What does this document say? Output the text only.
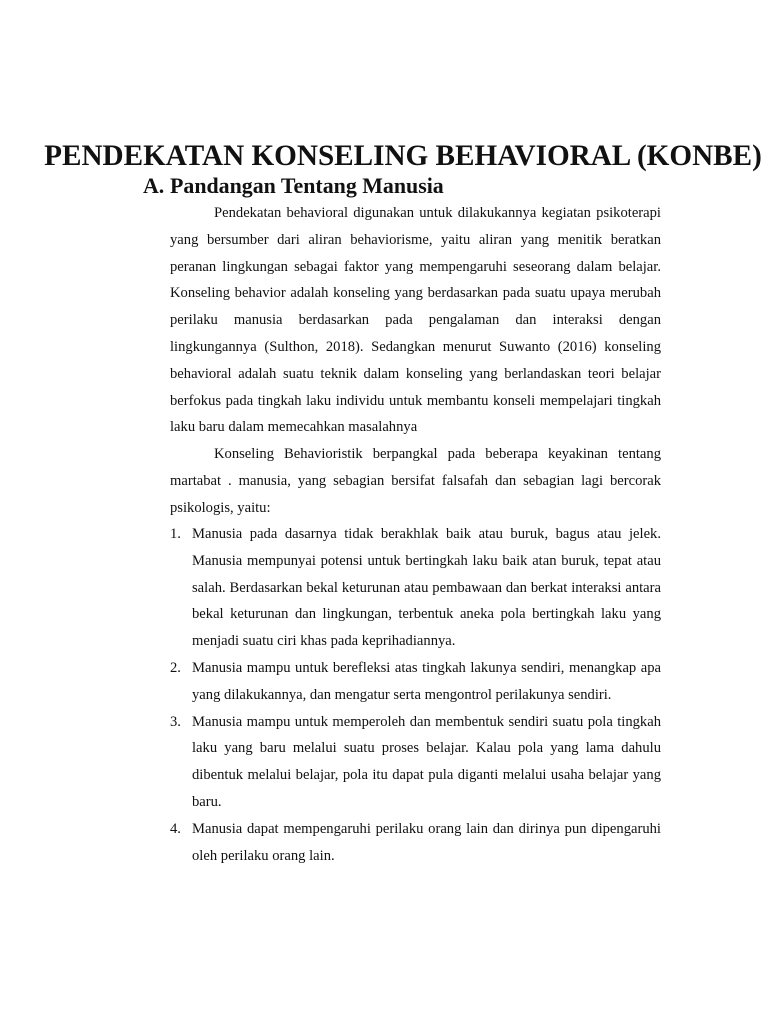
PENDEKATAN KONSELING BEHAVIORAL (KONBE)
A. Pandangan Tentang Manusia

Pendekatan behavioral digunakan untuk dilakukannya kegiatan psikoterapi yang bersumber dari aliran behaviorisme, yaitu aliran yang menitik beratkan peranan lingkungan sebagai faktor yang mempengaruhi seseorang dalam belajar. Konseling behavior adalah konseling yang berdasarkan pada suatu upaya merubah perilaku manusia berdasarkan pada pengalaman dan interaksi dengan lingkungannya (Sulthon, 2018). Sedangkan menurut Suwanto (2016) konseling behavioral adalah suatu teknik dalam konseling yang berlandaskan teori belajar berfokus pada tingkah laku individu untuk membantu konseli mempelajari tingkah laku baru dalam memecahkan masalahnya

Konseling Behavioristik berpangkal pada beberapa keyakinan tentang martabat . manusia, yang sebagian bersifat falsafah dan sebagian lagi bercorak psikologis, yaitu:

1. Manusia pada dasarnya tidak berakhlak baik atau buruk, bagus atau jelek. Manusia mempunyai potensi untuk bertingkah laku baik atan buruk, tepat atau salah. Berdasarkan bekal keturunan atau pembawaan dan berkat interaksi antara bekal keturunan dan lingkungan, terbentuk aneka pola bertingkah laku yang menjadi suatu ciri khas pada keprihadiannya.
2. Manusia mampu untuk berefleksi atas tingkah lakunya sendiri, menangkap apa yang dilakukannya, dan mengatur serta mengontrol perilakunya sendiri.
3. Manusia mampu untuk memperoleh dan membentuk sendiri suatu pola tingkah laku yang baru melalui suatu proses belajar. Kalau pola yang lama dahulu dibentuk melalui belajar, pola itu dapat pula diganti melalui usaha belajar yang baru.
4. Manusia dapat mempengaruhi perilaku orang lain dan dirinya pun dipengaruhi oleh perilaku orang lain.
